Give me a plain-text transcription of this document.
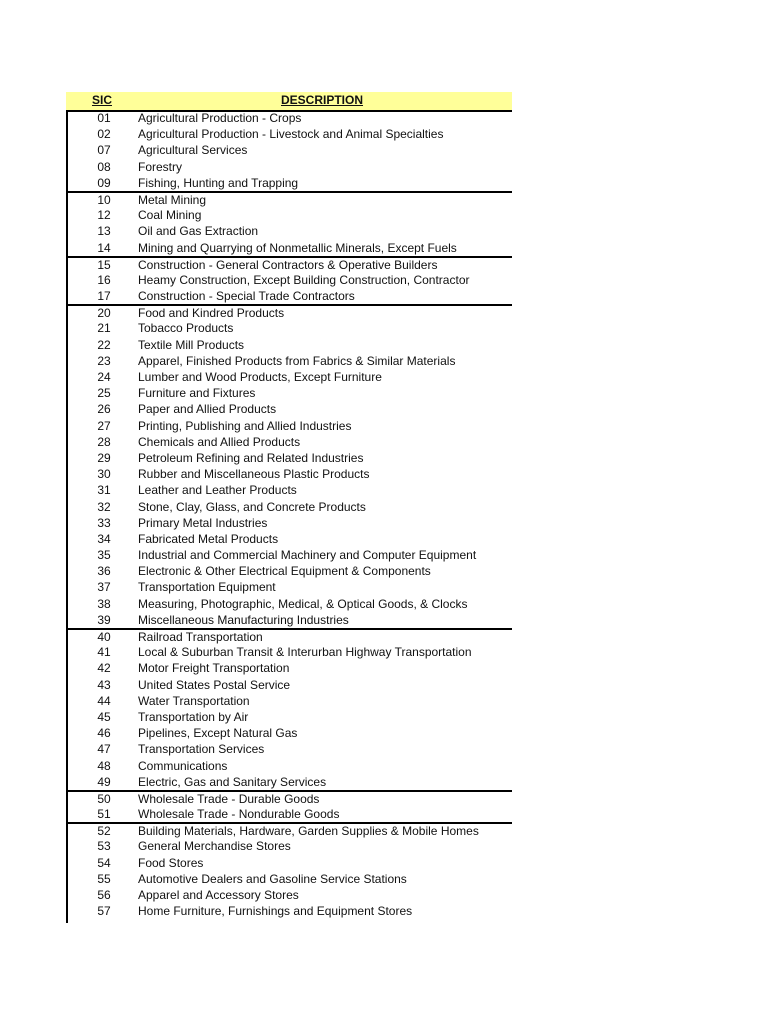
SIC	DESCRIPTION
01	Agricultural Production - Crops
02	Agricultural Production - Livestock and Animal Specialties
07	Agricultural Services
08	Forestry
09	Fishing, Hunting and Trapping
10	Metal Mining
12	Coal Mining
13	Oil and Gas Extraction
14	Mining and Quarrying of Nonmetallic Minerals, Except Fuels
15	Construction - General Contractors & Operative Builders
16	Heamy Construction, Except Building Construction, Contractor
17	Construction - Special Trade Contractors
20	Food and Kindred Products
21	Tobacco Products
22	Textile Mill Products
23	Apparel, Finished Products from Fabrics & Similar Materials
24	Lumber and Wood Products, Except Furniture
25	Furniture and Fixtures
26	Paper and Allied Products
27	Printing, Publishing and Allied Industries
28	Chemicals and Allied Products
29	Petroleum Refining and Related Industries
30	Rubber and Miscellaneous Plastic Products
31	Leather and Leather Products
32	Stone, Clay, Glass, and Concrete Products
33	Primary Metal Industries
34	Fabricated Metal Products
35	Industrial and Commercial Machinery and Computer Equipment
36	Electronic & Other Electrical Equipment & Components
37	Transportation Equipment
38	Measuring, Photographic, Medical, & Optical Goods, & Clocks
39	Miscellaneous Manufacturing Industries
40	Railroad Transportation
41	Local & Suburban Transit & Interurban Highway Transportation
42	Motor Freight Transportation
43	United States Postal Service
44	Water Transportation
45	Transportation by Air
46	Pipelines, Except Natural Gas
47	Transportation Services
48	Communications
49	Electric, Gas and Sanitary Services
50	Wholesale Trade - Durable Goods
51	Wholesale Trade - Nondurable Goods
52	Building Materials, Hardware, Garden Supplies & Mobile Homes
53	General Merchandise Stores
54	Food Stores
55	Automotive Dealers and Gasoline Service Stations
56	Apparel and Accessory Stores
57	Home Furniture, Furnishings and Equipment Stores
